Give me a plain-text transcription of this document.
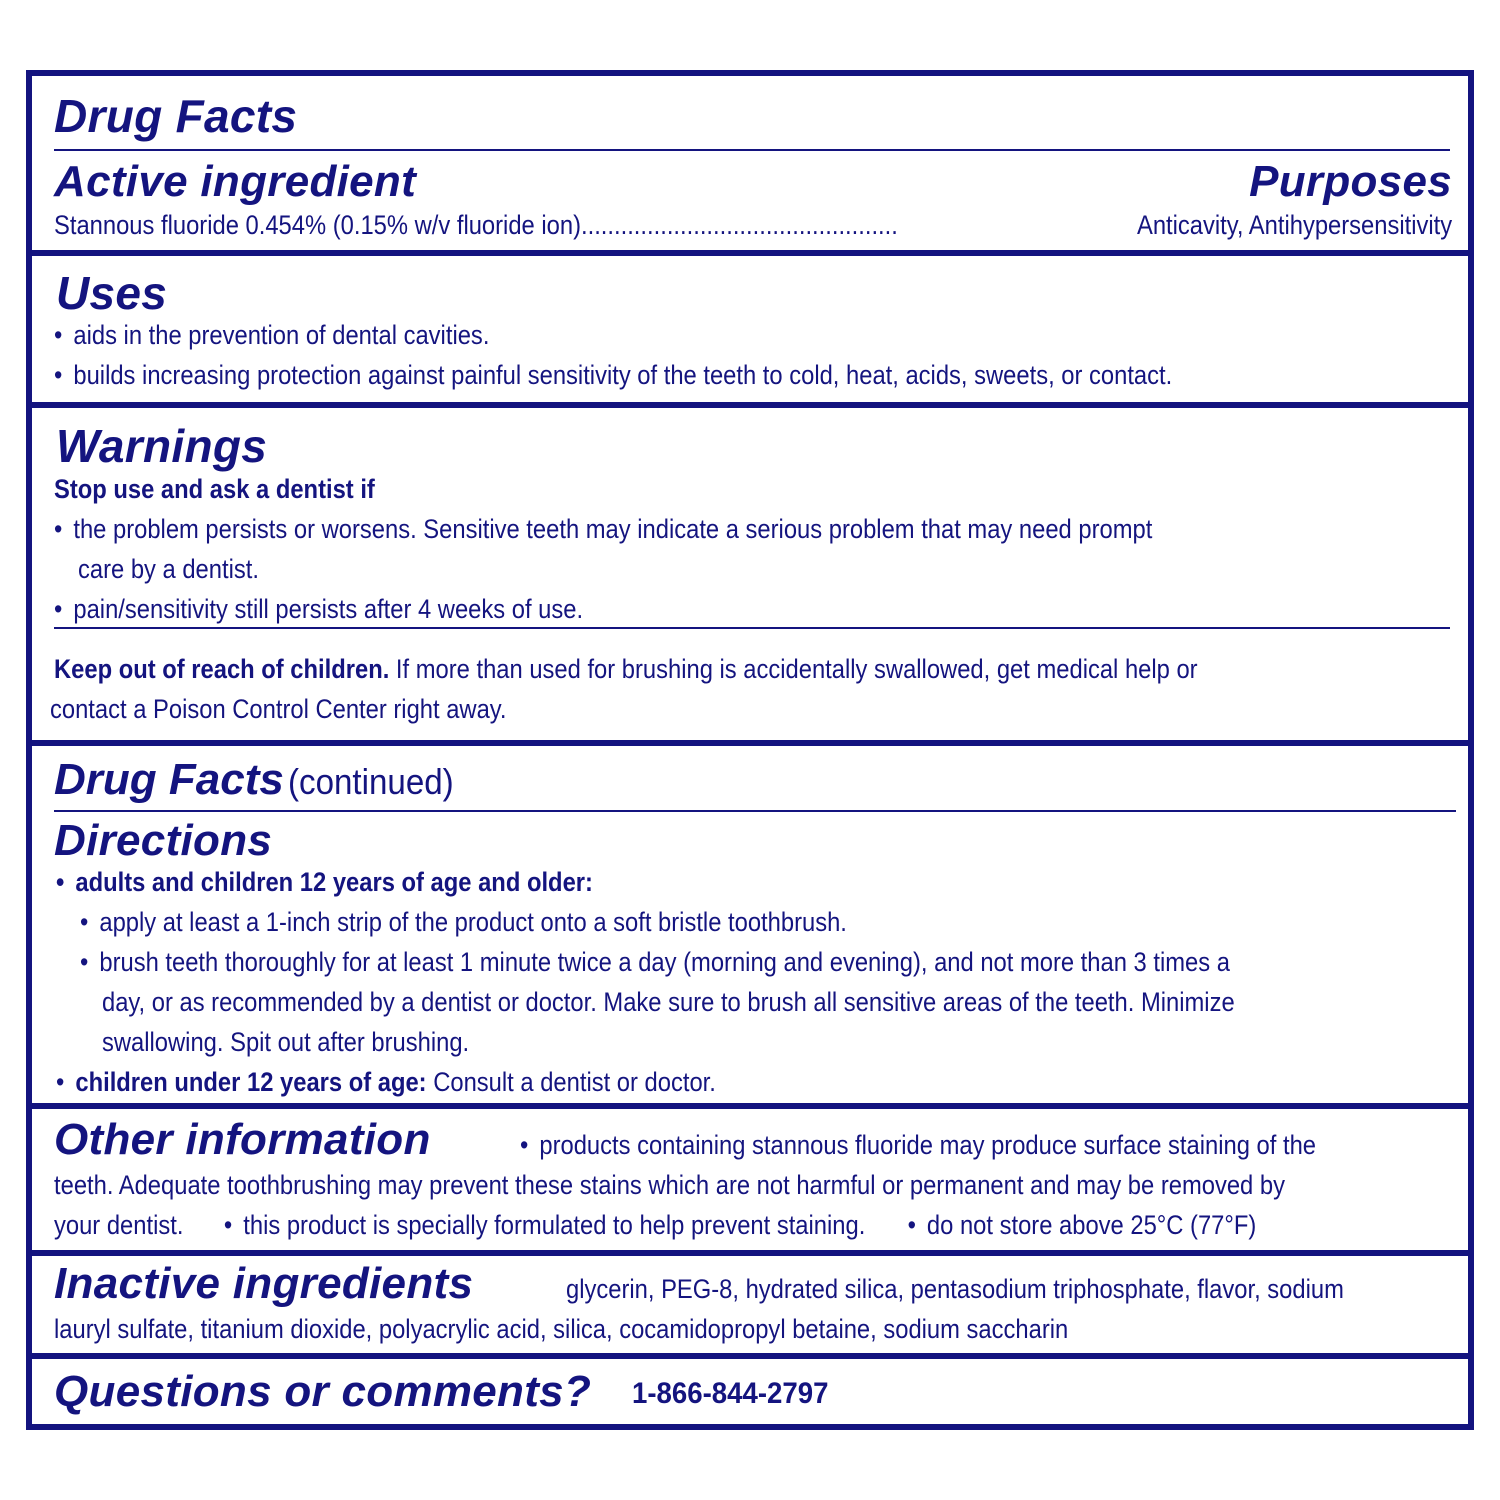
Drug Facts
Active ingredient	Purposes
Stannous fluoride 0.454% (0.15% w/v fluoride ion)................................................	Anticavity, Antihypersensitivity
Uses
• aids in the prevention of dental cavities.
• builds increasing protection against painful sensitivity of the teeth to cold, heat, acids, sweets, or contact.
Warnings
Stop use and ask a dentist if
• the problem persists or worsens. Sensitive teeth may indicate a serious problem that may need prompt
care by a dentist.
• pain/sensitivity still persists after 4 weeks of use.
Keep out of reach of children. If more than used for brushing is accidentally swallowed, get medical help or
contact a Poison Control Center right away.
Drug Facts (continued)
Directions
• adults and children 12 years of age and older:
• apply at least a 1-inch strip of the product onto a soft bristle toothbrush.
• brush teeth thoroughly for at least 1 minute twice a day (morning and evening), and not more than 3 times a
day, or as recommended by a dentist or doctor. Make sure to brush all sensitive areas of the teeth. Minimize
swallowing. Spit out after brushing.
• children under 12 years of age: Consult a dentist or doctor.
Other information	• products containing stannous fluoride may produce surface staining of the
teeth. Adequate toothbrushing may prevent these stains which are not harmful or permanent and may be removed by
your dentist. • this product is specially formulated to help prevent staining. • do not store above 25°C (77°F)
Inactive ingredients	glycerin, PEG-8, hydrated silica, pentasodium triphosphate, flavor, sodium
lauryl sulfate, titanium dioxide, polyacrylic acid, silica, cocamidopropyl betaine, sodium saccharin
Questions or comments? 1-866-844-2797
